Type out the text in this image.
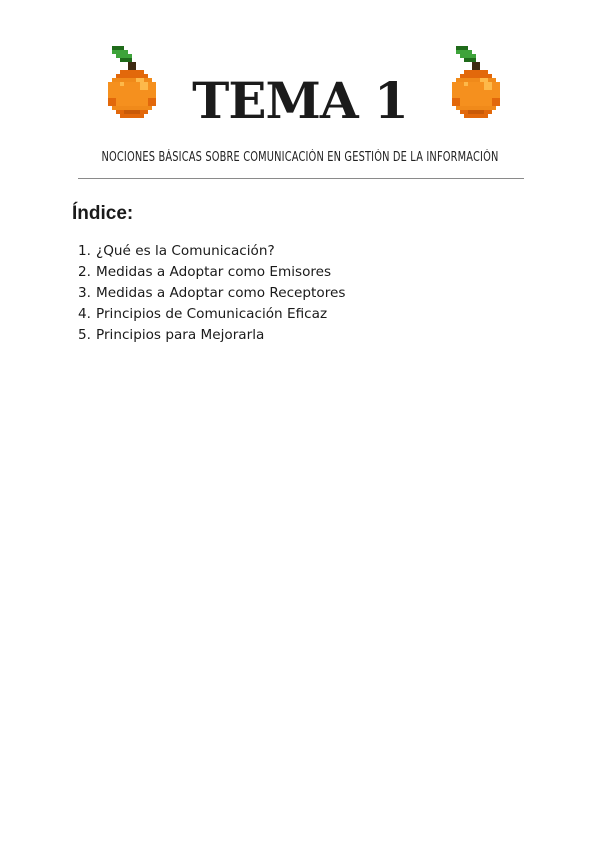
TEMA 1
NOCIONES BÁSICAS SOBRE COMUNICACIÓN EN GESTIÓN DE LA INFORMACIÓN
Índice:
1. ¿Qué es la Comunicación?
2. Medidas a Adoptar como Emisores
3. Medidas a Adoptar como Receptores
4. Principios de Comunicación Eficaz
5. Principios para Mejorarla
